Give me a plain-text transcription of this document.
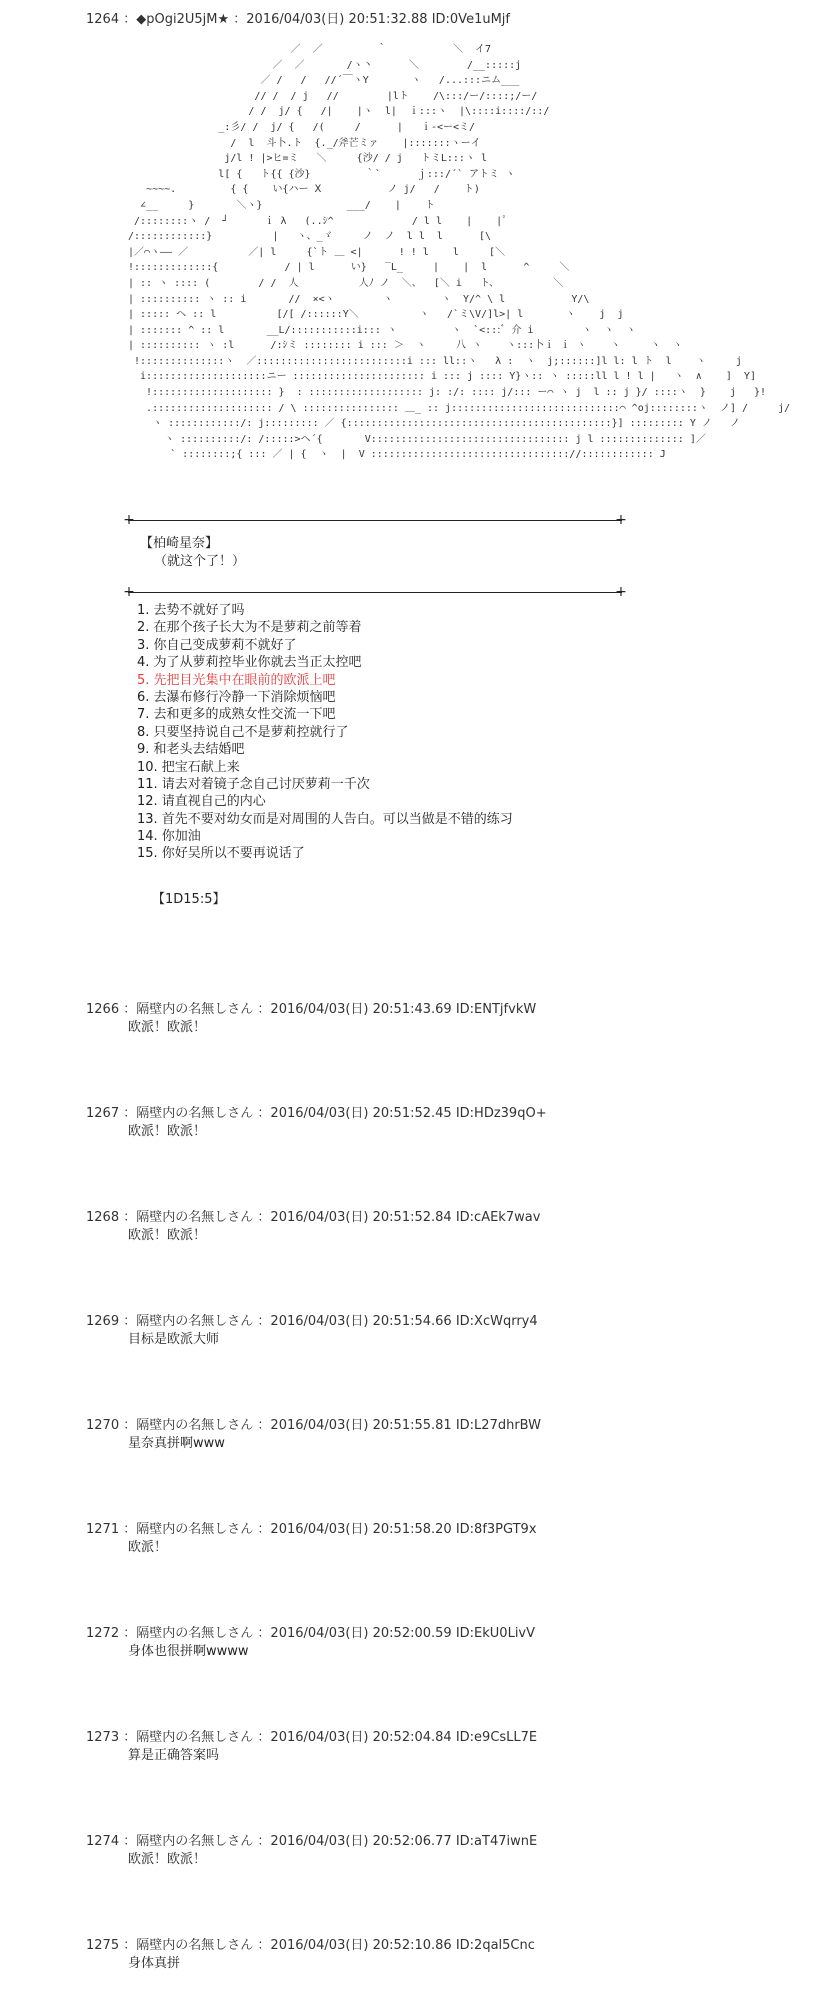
1264 ：◆pOgi2U5jM★ ：2016/04/03(日) 20:51:32.88 ID:0Ve1uMjf
／  ／         ｀           ＼  イ7
／  ／       /ヽ丶      ＼        /__:::::j
／ /   /   //´￣ヽY       ヽ   /...:::ニム___
// /  / j   //        |lト    /\:::/ー/::::;/ー/
/ /  j/ {   /|    |ヽ  l|  ｉ:::ヽ  |\::::i::::/::/
_:彡/ /  j/ {   /(     /      |   ｉ‐<ー<ミ/
/  l  斗卜.ト  {._/斧芒ミァ    |:::::::ヽーイ
j/l ! |>ヒ=ミ   ＼     {沙/ / j   トミL:::ヽ l
l[ {   ト{{ {沙}         ｀`      ｊ:::/´` アトミ ヽ
~~~~.         { {    い{ハー Ⅹ           ノ j/   /    ト)
∠__     }       ＼ヽ}              ___/    |    ト
/::::::::ヽ /  ┘      ｉ λ   (..ｼ^             / l l    |    |ﾟ
/::::::::::::}          |   ヽ、_ゞ     ノ  ノ  l l  l      [\
|／⌒ヽ—— ／          ／| l     {`ト ＿ <|      ! ! l    l     [＼
!:::::::::::::{           / | l      い}   ‾L_     |    |  l      ^     ＼
| :: ヽ :::: (        / /  人          人ﾉ ノ  ＼、  [＼ i   ト、         ＼
| :::::::::: ヽ :: i       //  ×<ヽ        ヽ        ヽ  Y/^ \ l           Y/\
| ::::: ヘ :: l          [/[ /::::::Y＼          ヽ   /`ミ\V/]l>| l       ヽ    j  j
| ::::::: ^ :: l       __L/:::::::::::i::: ヽ         ヽ  `<:::ﾞ 介 i        ヽ  ヽ  ヽ
| :::::::::: ヽ :l      /:ｼミ :::::::: i ::: ＞  ヽ     八 ヽ    ヽ:::卜ｉ ｉ ヽ    ヽ     ヽ  ヽ
!::::::::::::::ヽ  ／:::::::::::::::::::::::::i ::: ll::ヽ   λ :  ヽ  j;::::::]l l: l ト  l    ヽ     j
i::::::::::::::::::::ニー :::::::::::::::::::::: i ::: j :::: Y}ヽ:: ヽ :::::ll l ! l |   ヽ  ∧    ]  Y]
!:::::::::::::::::::: }  : ::::::::::::::::::: j: :/: :::: j/::: ー⌒ ヽ j  l :: j }/ ::::ヽ  }    j   }!
.:::::::::::::::::::: / \ :::::::::::::::: ＿_ :: j::::::::::::::::::::::::::::⌒ ^oj::::::::ヽ  ノ] /     j/
ヽ ::::::::::::/: j::::::::: ／ {::::::::::::::::::::::::::::::::::::::::::::}] ::::::::: Y ノ   ノ
ヽ ::::::::::/: /:::::>ヘ´{       V::::::::::::::::::::::::::::::::: j l :::::::::::::: ]／
` ::::::::;{ ::: ／ | {  ヽ  |  V ::::::::::::::::::::::::::::::::://:::::::::::: J
+	+
【柏崎星奈】
（就这个了！）
+	+
1. 去势不就好了吗
2. 在那个孩子长大为不是萝莉之前等着
3. 你自己变成萝莉不就好了
4. 为了从萝莉控毕业你就去当正太控吧
5. 先把目光集中在眼前的欧派上吧
6. 去瀑布修行冷静一下消除烦恼吧
7. 去和更多的成熟女性交流一下吧
8. 只要坚持说自己不是萝莉控就行了
9. 和老头去结婚吧
10. 把宝石献上来
11. 请去对着镜子念自己讨厌萝莉一千次
12. 请直视自己的内心
13. 首先不要对幼女而是对周围的人告白。可以当做是不错的练习
14. 你加油
15. 你好吴所以不要再说话了
【1D15:5】
1266 ：隔壁内の名無しさん ：2016/04/03(日) 20:51:43.69 ID:ENTjfvkW
欧派！欧派！
1267 ：隔壁内の名無しさん ：2016/04/03(日) 20:51:52.45 ID:HDz39qO+
欧派！欧派！
1268 ：隔壁内の名無しさん ：2016/04/03(日) 20:51:52.84 ID:cAEk7wav
欧派！欧派！
1269 ：隔壁内の名無しさん ：2016/04/03(日) 20:51:54.66 ID:XcWqrry4
目标是欧派大师
1270 ：隔壁内の名無しさん ：2016/04/03(日) 20:51:55.81 ID:L27dhrBW
星奈真拼啊www
1271 ：隔壁内の名無しさん ：2016/04/03(日) 20:51:58.20 ID:8f3PGT9x
欧派！
1272 ：隔壁内の名無しさん ：2016/04/03(日) 20:52:00.59 ID:EkU0LivV
身体也很拼啊wwww
1273 ：隔壁内の名無しさん ：2016/04/03(日) 20:52:04.84 ID:e9CsLL7E
算是正确答案吗
1274 ：隔壁内の名無しさん ：2016/04/03(日) 20:52:06.77 ID:aT47iwnE
欧派！欧派！
1275 ：隔壁内の名無しさん ：2016/04/03(日) 20:52:10.86 ID:2qal5Cnc
身体真拼
